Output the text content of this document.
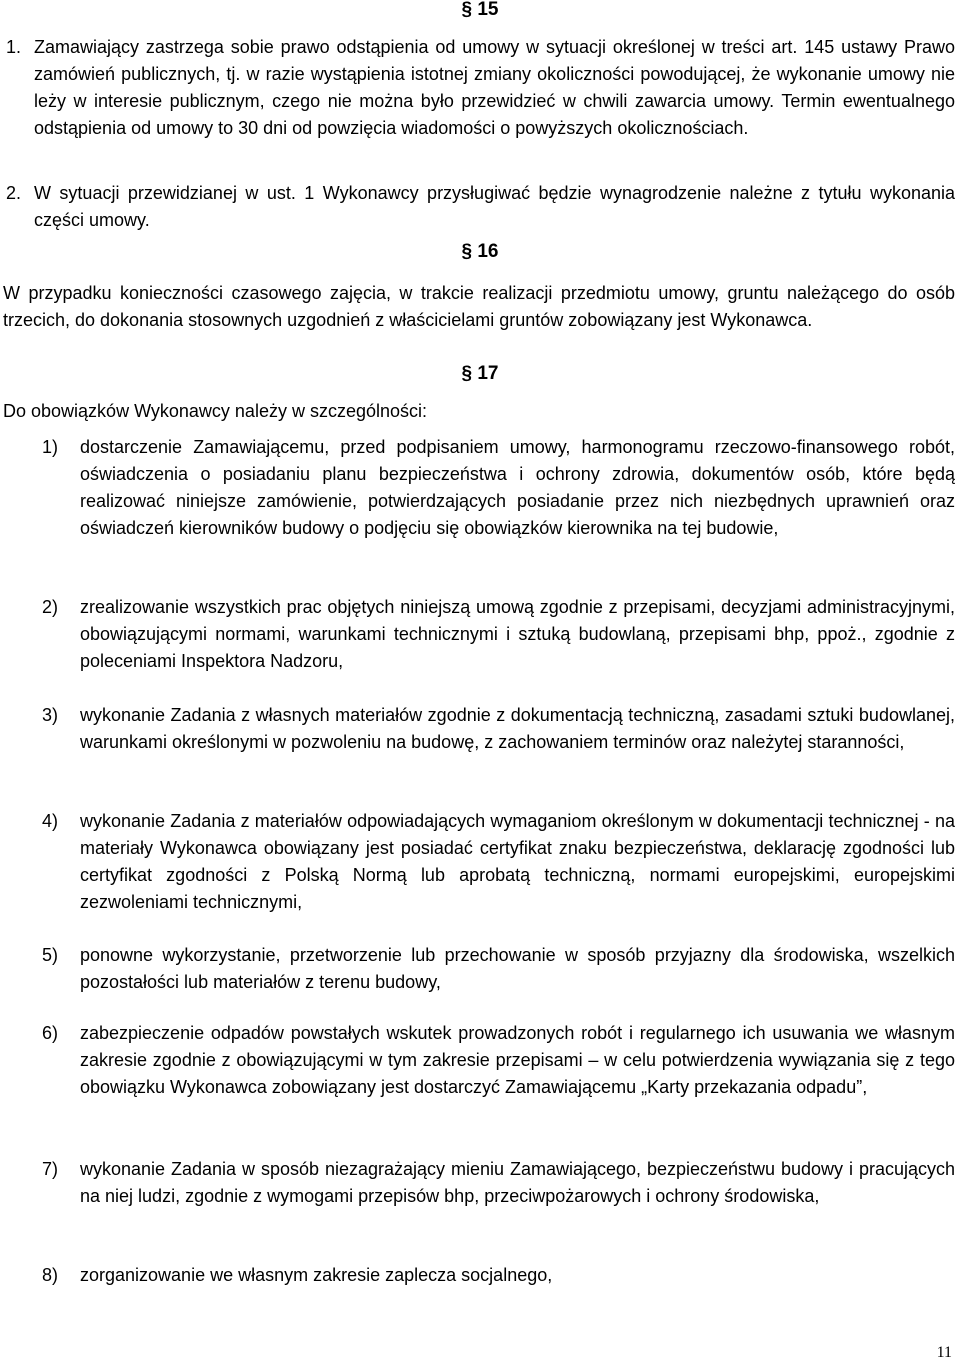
§ 15
1. Zamawiający zastrzega sobie prawo odstąpienia od umowy w sytuacji określonej w treści art. 145 ustawy Prawo zamówień publicznych, tj. w razie wystąpienia istotnej zmiany okoliczności powodującej, że wykonanie umowy nie leży w interesie publicznym, czego nie można było przewidzieć w chwili zawarcia umowy. Termin ewentualnego odstąpienia od umowy to 30 dni od powzięcia wiadomości o powyższych okolicznościach.
2. W sytuacji przewidzianej w ust. 1 Wykonawcy przysługiwać będzie wynagrodzenie należne z tytułu wykonania części umowy.
§ 16
W przypadku konieczności czasowego zajęcia, w trakcie realizacji przedmiotu umowy, gruntu należącego do osób trzecich, do dokonania stosownych uzgodnień z właścicielami gruntów zobowiązany jest Wykonawca.
§ 17
Do obowiązków Wykonawcy należy w szczególności:
1) dostarczenie Zamawiającemu, przed podpisaniem umowy, harmonogramu rzeczowo-finansowego robót, oświadczenia o posiadaniu planu bezpieczeństwa i ochrony zdrowia, dokumentów osób, które będą realizować niniejsze zamówienie, potwierdzających posiadanie przez nich niezbędnych uprawnień oraz oświadczeń kierowników budowy o podjęciu się obowiązków kierownika na tej budowie,
2) zrealizowanie wszystkich prac objętych niniejszą umową zgodnie z przepisami, decyzjami administracyjnymi, obowiązującymi normami, warunkami technicznymi i sztuką budowlaną, przepisami bhp, ppoż., zgodnie z poleceniami Inspektora Nadzoru,
3) wykonanie Zadania z własnych materiałów zgodnie z dokumentacją techniczną, zasadami sztuki budowlanej, warunkami określonymi w pozwoleniu na budowę, z zachowaniem terminów oraz należytej staranności,
4) wykonanie Zadania z materiałów odpowiadających wymaganiom określonym w dokumentacji technicznej - na materiały Wykonawca obowiązany jest posiadać certyfikat znaku bezpieczeństwa, deklarację zgodności lub certyfikat zgodności z Polską Normą lub aprobatą techniczną, normami europejskimi, europejskimi zezwoleniami technicznymi,
5) ponowne wykorzystanie, przetworzenie lub przechowanie w sposób przyjazny dla środowiska, wszelkich pozostałości lub materiałów z terenu budowy,
6) zabezpieczenie odpadów powstałych wskutek prowadzonych robót i regularnego ich usuwania we własnym zakresie zgodnie z obowiązującymi w tym zakresie przepisami – w celu potwierdzenia wywiązania się z tego obowiązku Wykonawca zobowiązany jest dostarczyć Zamawiającemu „Karty przekazania odpadu”,
7) wykonanie Zadania w sposób niezagrażający mieniu Zamawiającego, bezpieczeństwu budowy i pracujących na niej ludzi, zgodnie z wymogami przepisów bhp, przeciwpożarowych i ochrony środowiska,
8) zorganizowanie we własnym zakresie zaplecza socjalnego,
11
